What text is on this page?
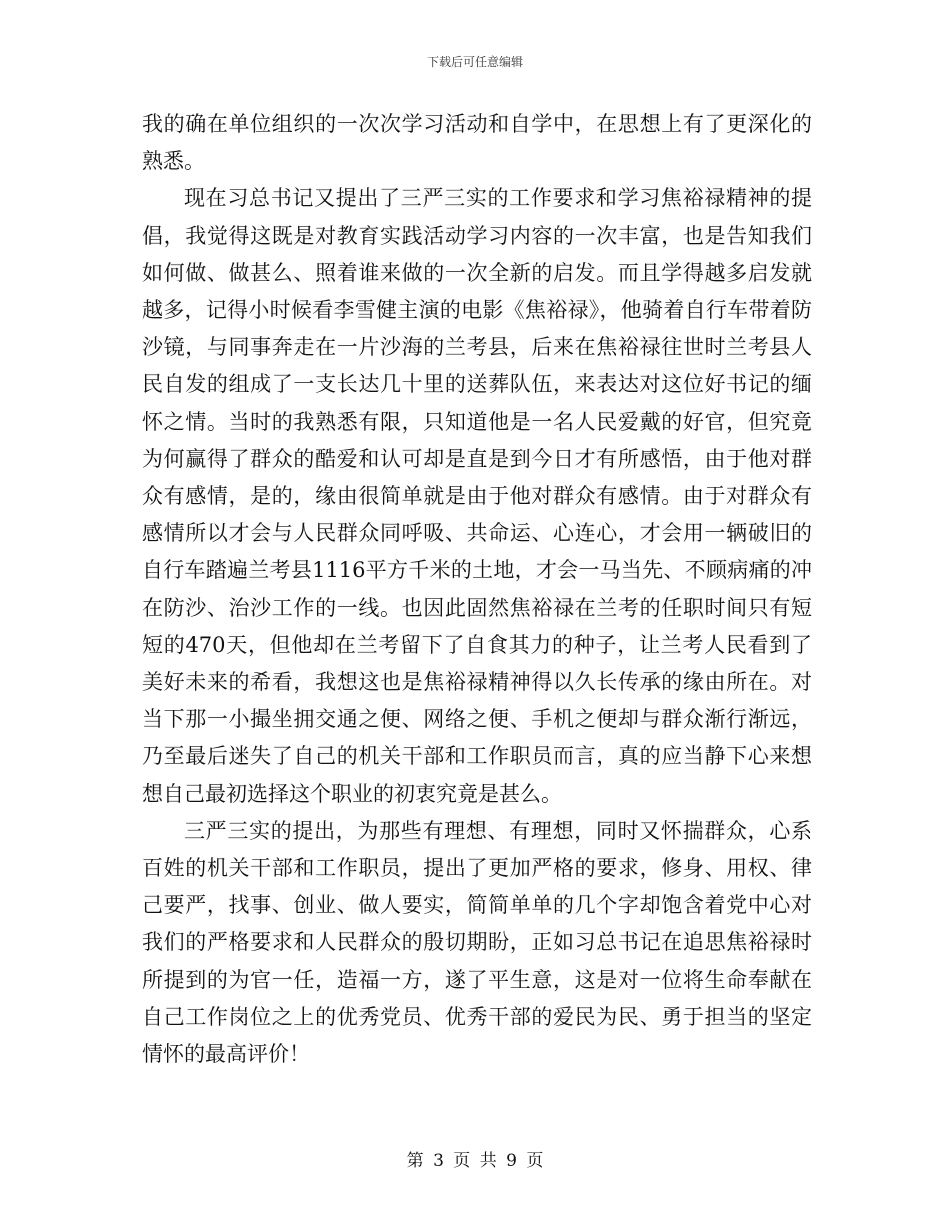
下载后可任意编辑

我的确在单位组织的一次次学习活动和自学中，在思想上有了更深化的熟悉。

现在习总书记又提出了三严三实的工作要求和学习焦裕禄精神的提倡，我觉得这既是对教育实践活动学习内容的一次丰富，也是告知我们如何做、做甚么、照着谁来做的一次全新的启发。而且学得越多启发就越多，记得小时候看李雪健主演的电影《焦裕禄》，他骑着自行车带着防沙镜，与同事奔走在一片沙海的兰考县，后来在焦裕禄往世时兰考县人民自发的组成了一支长达几十里的送葬队伍，来表达对这位好书记的缅怀之情。当时的我熟悉有限，只知道他是一名人民爱戴的好官，但究竟为何赢得了群众的酷爱和认可却是直是到今日才有所感悟，由于他对群众有感情，是的，缘由很简单就是由于他对群众有感情。由于对群众有感情所以才会与人民群众同呼吸、共命运、心连心，才会用一辆破旧的自行车踏遍兰考县1116平方千米的土地，才会一马当先、不顾病痛的冲在防沙、治沙工作的一线。也因此固然焦裕禄在兰考的任职时间只有短短的470天，但他却在兰考留下了自食其力的种子，让兰考人民看到了美好未来的希看，我想这也是焦裕禄精神得以久长传承的缘由所在。对当下那一小撮坐拥交通之便、网络之便、手机之便却与群众渐行渐远，乃至最后迷失了自己的机关干部和工作职员而言，真的应当静下心来想想自己最初选择这个职业的初衷究竟是甚么。

三严三实的提出，为那些有理想、有理想，同时又怀揣群众，心系百姓的机关干部和工作职员，提出了更加严格的要求，修身、用权、律己要严，找事、创业、做人要实，简简单单的几个字却饱含着党中心对我们的严格要求和人民群众的殷切期盼，正如习总书记在追思焦裕禄时所提到的为官一任，造福一方，遂了平生意，这是对一位将生命奉献在自己工作岗位之上的优秀党员、优秀干部的爱民为民、勇于担当的坚定情怀的最高评价！

第 3 页 共 9 页
